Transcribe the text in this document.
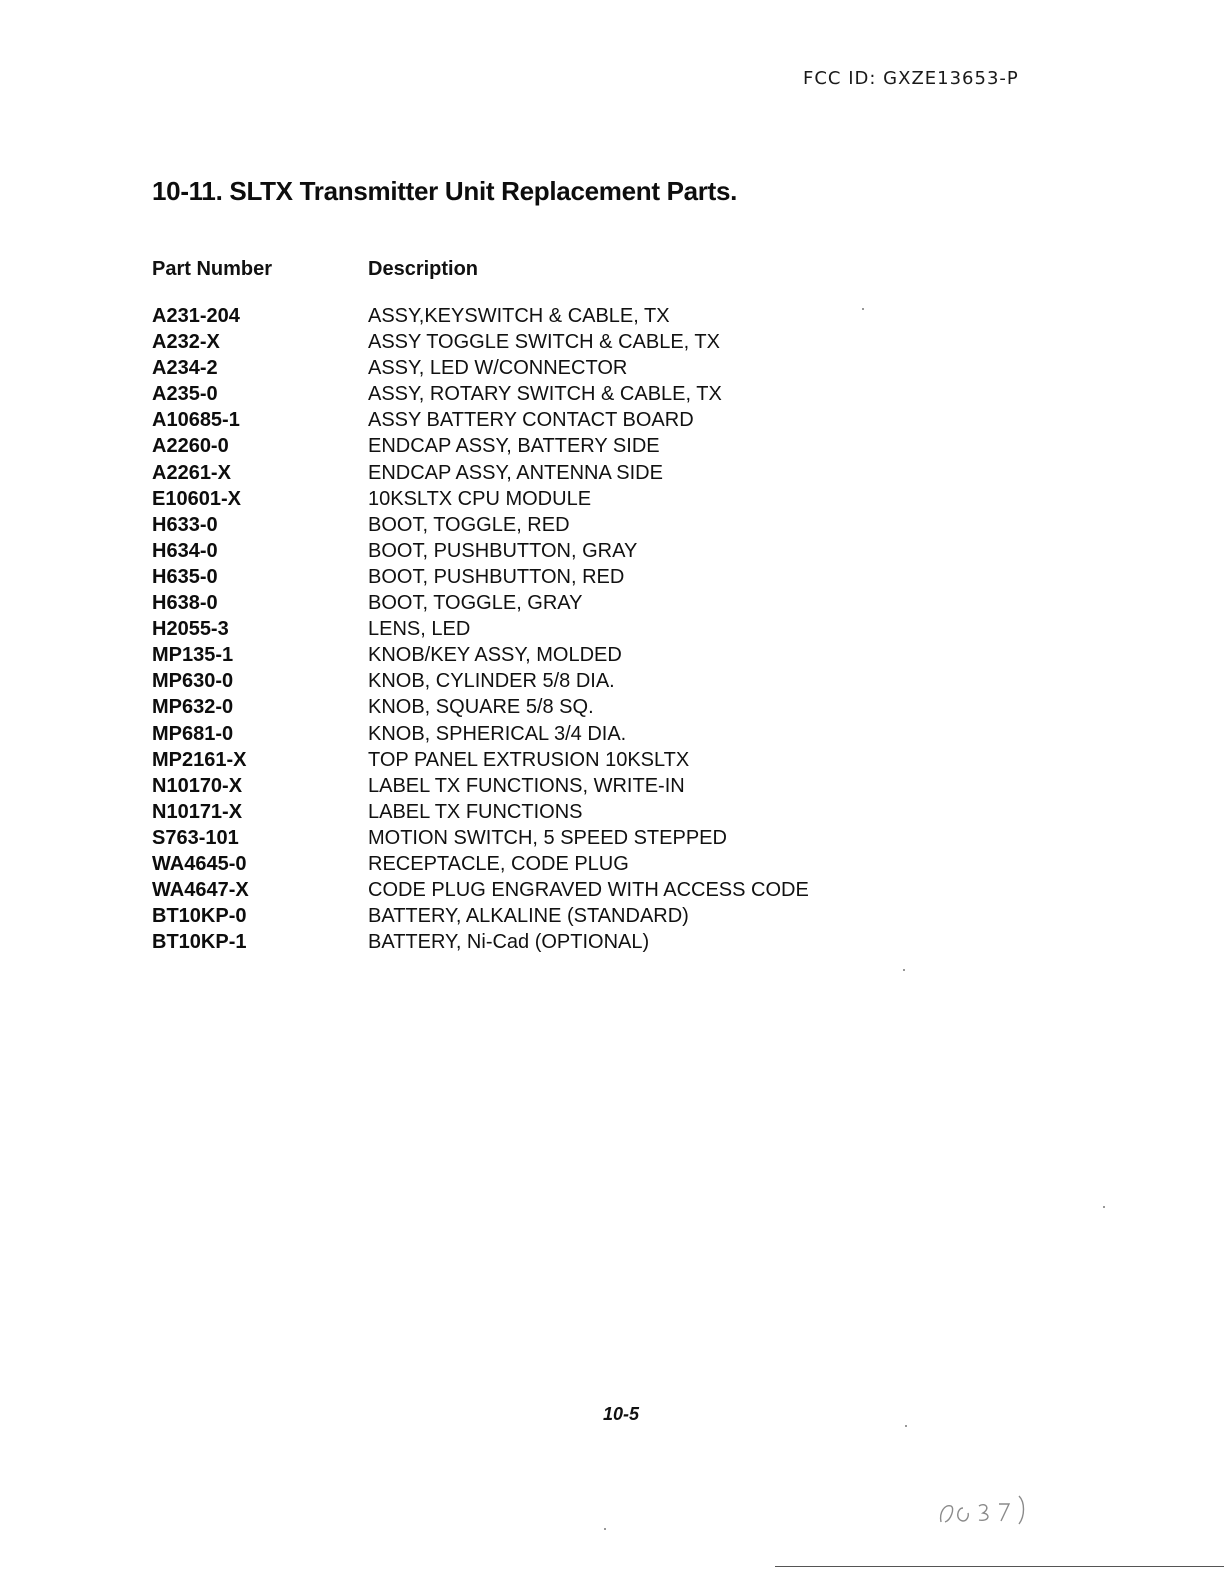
FCC ID: GXZE13653-P
10-11. SLTX Transmitter Unit Replacement Parts.
Part Number	Description
A231-204	ASSY,KEYSWITCH & CABLE, TX
A232-X	ASSY TOGGLE SWITCH & CABLE, TX
A234-2	ASSY, LED W/CONNECTOR
A235-0	ASSY, ROTARY SWITCH & CABLE, TX
A10685-1	ASSY BATTERY CONTACT BOARD
A2260-0	ENDCAP ASSY, BATTERY SIDE
A2261-X	ENDCAP ASSY, ANTENNA SIDE
E10601-X	10KSLTX CPU MODULE
H633-0	BOOT, TOGGLE, RED
H634-0	BOOT, PUSHBUTTON, GRAY
H635-0	BOOT, PUSHBUTTON, RED
H638-0	BOOT, TOGGLE, GRAY
H2055-3	LENS, LED
MP135-1	KNOB/KEY ASSY, MOLDED
MP630-0	KNOB, CYLINDER 5/8 DIA.
MP632-0	KNOB, SQUARE 5/8 SQ.
MP681-0	KNOB, SPHERICAL 3/4 DIA.
MP2161-X	TOP PANEL EXTRUSION 10KSLTX
N10170-X	LABEL TX FUNCTIONS, WRITE-IN
N10171-X	LABEL TX FUNCTIONS
S763-101	MOTION SWITCH, 5 SPEED STEPPED
WA4645-0	RECEPTACLE, CODE PLUG
WA4647-X	CODE PLUG ENGRAVED WITH ACCESS CODE
BT10KP-0	BATTERY, ALKALINE (STANDARD)
BT10KP-1	BATTERY, Ni-Cad (OPTIONAL)
10-5
